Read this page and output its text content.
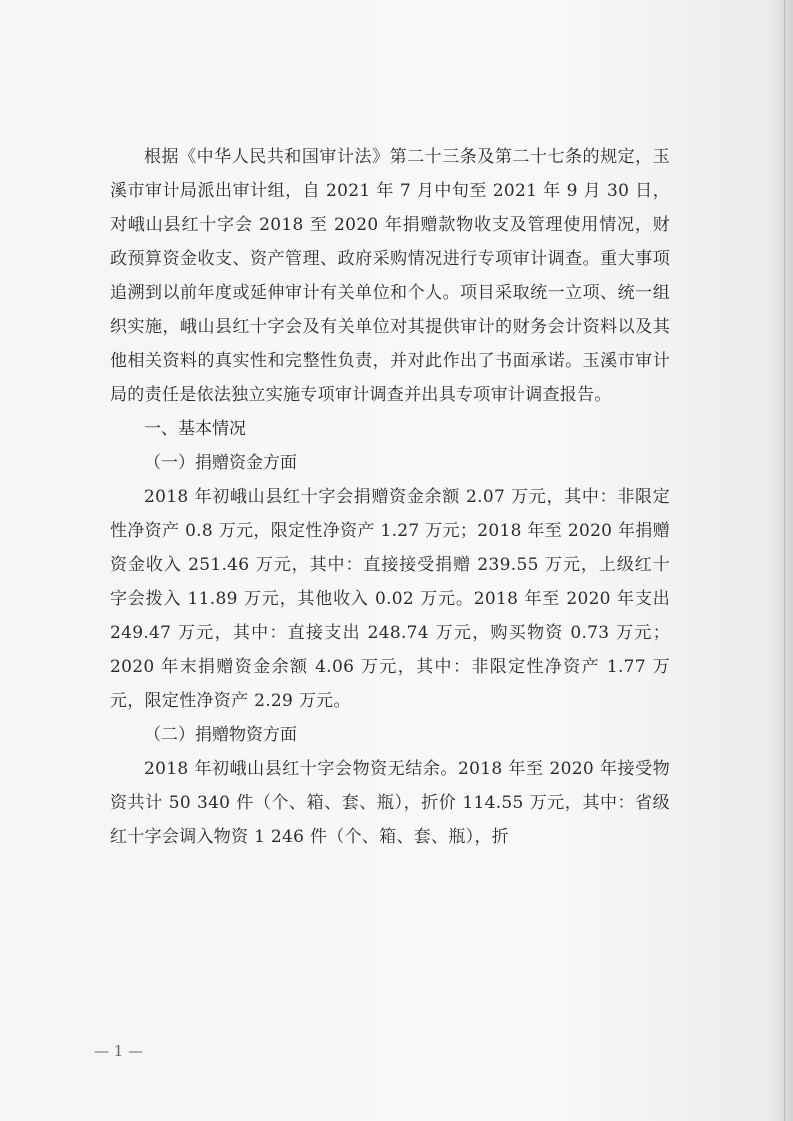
根据《中华人民共和国审计法》第二十三条及第二十七条的规定，玉溪市审计局派出审计组，自 2021 年 7 月中旬至 2021 年 9 月 30 日，对峨山县红十字会 2018 至 2020 年捐赠款物收支及管理使用情况，财政预算资金收支、资产管理、政府采购情况进行专项审计调查。重大事项追溯到以前年度或延伸审计有关单位和个人。项目采取统一立项、统一组织实施，峨山县红十字会及有关单位对其提供审计的财务会计资料以及其他相关资料的真实性和完整性负责，并对此作出了书面承诺。玉溪市审计局的责任是依法独立实施专项审计调查并出具专项审计调查报告。

一、基本情况

（一）捐赠资金方面

2018 年初峨山县红十字会捐赠资金余额 2.07 万元，其中：非限定性净资产 0.8 万元，限定性净资产 1.27 万元；2018 年至 2020 年捐赠资金收入 251.46 万元，其中：直接接受捐赠 239.55 万元，上级红十字会拨入 11.89 万元，其他收入 0.02 万元。2018 年至 2020 年支出 249.47 万元，其中：直接支出 248.74 万元，购买物资 0.73 万元；2020 年末捐赠资金余额 4.06 万元，其中：非限定性净资产 1.77 万元，限定性净资产 2.29 万元。

（二）捐赠物资方面

2018 年初峨山县红十字会物资无结余。2018 年至 2020 年接受物资共计 50 340 件（个、箱、套、瓶），折价 114.55 万元，其中：省级红十字会调入物资 1 246 件（个、箱、套、瓶），折

— 1 —
